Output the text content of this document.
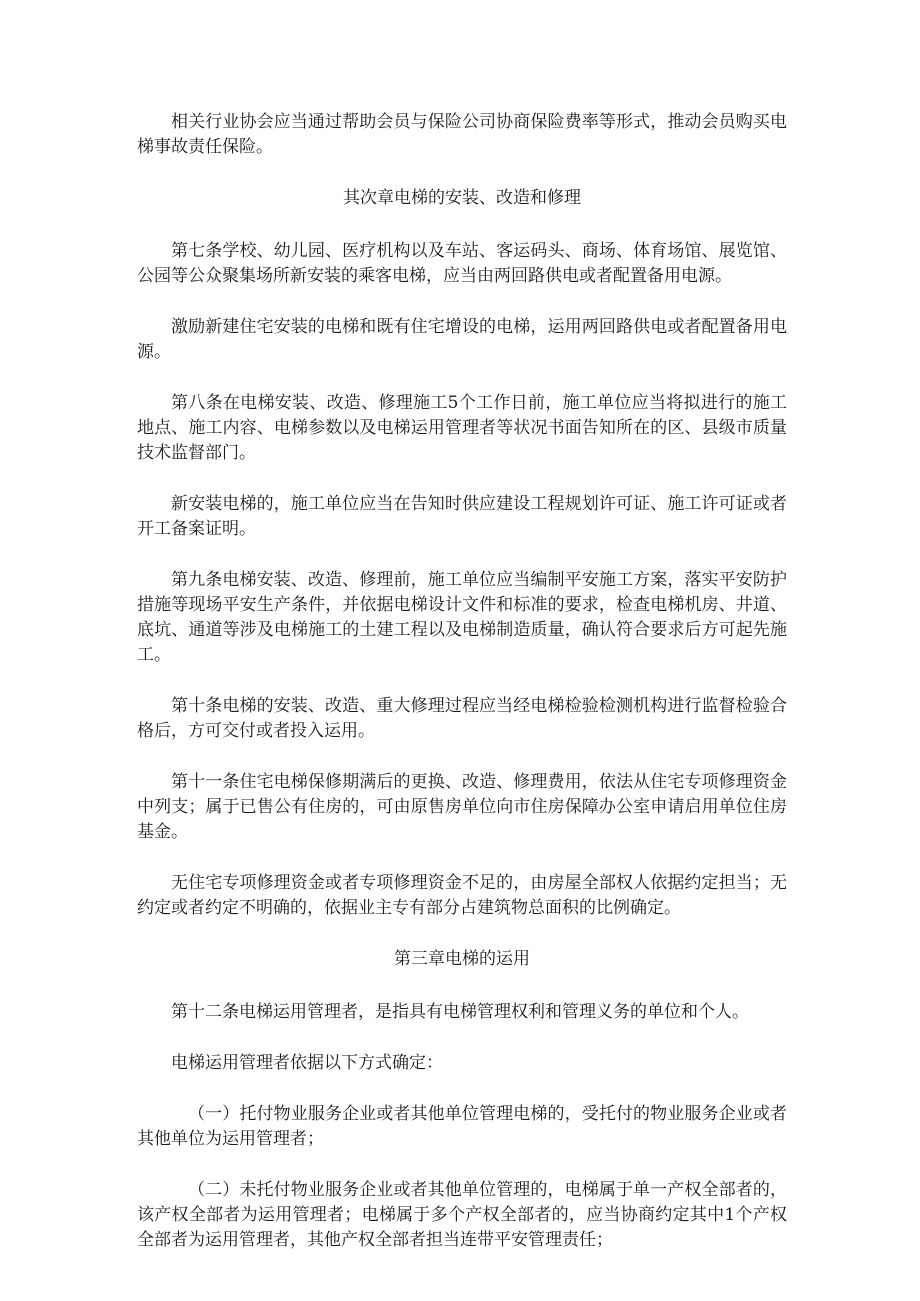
相关行业协会应当通过帮助会员与保险公司协商保险费率等形式，推动会员购买电梯事故责任保险。

其次章电梯的安装、改造和修理

第七条学校、幼儿园、医疗机构以及车站、客运码头、商场、体育场馆、展览馆、公园等公众聚集场所新安装的乘客电梯，应当由两回路供电或者配置备用电源。

激励新建住宅安装的电梯和既有住宅增设的电梯，运用两回路供电或者配置备用电源。

第八条在电梯安装、改造、修理施工5个工作日前，施工单位应当将拟进行的施工地点、施工内容、电梯参数以及电梯运用管理者等状况书面告知所在的区、县级市质量技术监督部门。

新安装电梯的，施工单位应当在告知时供应建设工程规划许可证、施工许可证或者开工备案证明。

第九条电梯安装、改造、修理前，施工单位应当编制平安施工方案，落实平安防护措施等现场平安生产条件，并依据电梯设计文件和标准的要求，检查电梯机房、井道、底坑、通道等涉及电梯施工的土建工程以及电梯制造质量，确认符合要求后方可起先施工。

第十条电梯的安装、改造、重大修理过程应当经电梯检验检测机构进行监督检验合格后，方可交付或者投入运用。

第十一条住宅电梯保修期满后的更换、改造、修理费用，依法从住宅专项修理资金中列支；属于已售公有住房的，可由原售房单位向市住房保障办公室申请启用单位住房基金。

无住宅专项修理资金或者专项修理资金不足的，由房屋全部权人依据约定担当；无约定或者约定不明确的，依据业主专有部分占建筑物总面积的比例确定。

第三章电梯的运用

第十二条电梯运用管理者，是指具有电梯管理权利和管理义务的单位和个人。

电梯运用管理者依据以下方式确定：

（一）托付物业服务企业或者其他单位管理电梯的，受托付的物业服务企业或者其他单位为运用管理者；

（二）未托付物业服务企业或者其他单位管理的，电梯属于单一产权全部者的，该产权全部者为运用管理者；电梯属于多个产权全部者的，应当协商约定其中1个产权全部者为运用管理者，其他产权全部者担当连带平安管理责任；
